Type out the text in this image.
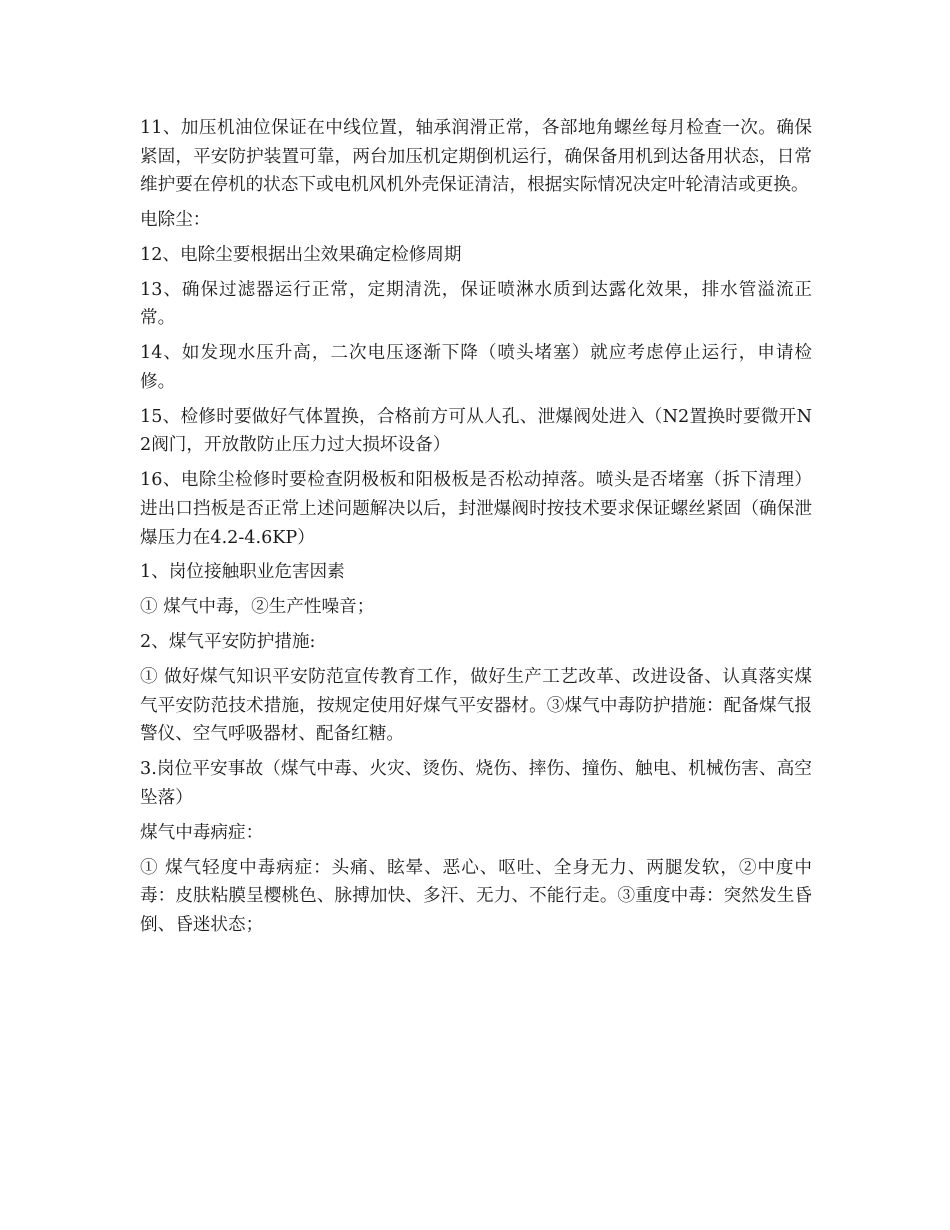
11、加压机油位保证在中线位置，轴承润滑正常，各部地角螺丝每月检查一次。确保紧固，平安防护装置可靠，两台加压机定期倒机运行，确保备用机到达备用状态，日常维护要在停机的状态下或电机风机外壳保证清洁，根据实际情况决定叶轮清洁或更换。

电除尘：

12、电除尘要根据出尘效果确定检修周期

13、确保过滤器运行正常，定期清洗，保证喷淋水质到达露化效果，排水管溢流正常。

14、如发现水压升高，二次电压逐渐下降（喷头堵塞）就应考虑停止运行，申请检修。

15、检修时要做好气体置换，合格前方可从人孔、泄爆阀处进入（N2置换时要微开N2阀门，开放散防止压力过大损坏设备）

16、电除尘检修时要检查阴极板和阳极板是否松动掉落。喷头是否堵塞（拆下清理）进出口挡板是否正常上述问题解决以后，封泄爆阀时按技术要求保证螺丝紧固（确保泄爆压力在4.2-4.6KP）

1、岗位接触职业危害因素

① 煤气中毒，②生产性噪音；

2、煤气平安防护措施:

① 做好煤气知识平安防范宣传教育工作，做好生产工艺改革、改进设备、认真落实煤气平安防范技术措施，按规定使用好煤气平安器材。③煤气中毒防护措施：配备煤气报警仪、空气呼吸器材、配备红糖。

3.岗位平安事故（煤气中毒、火灾、烫伤、烧伤、摔伤、撞伤、触电、机械伤害、高空坠落）

煤气中毒病症：

① 煤气轻度中毒病症：头痛、眩晕、恶心、呕吐、全身无力、两腿发软，②中度中毒：皮肤粘膜呈樱桃色、脉搏加快、多汗、无力、不能行走。③重度中毒：突然发生昏倒、昏迷状态；
